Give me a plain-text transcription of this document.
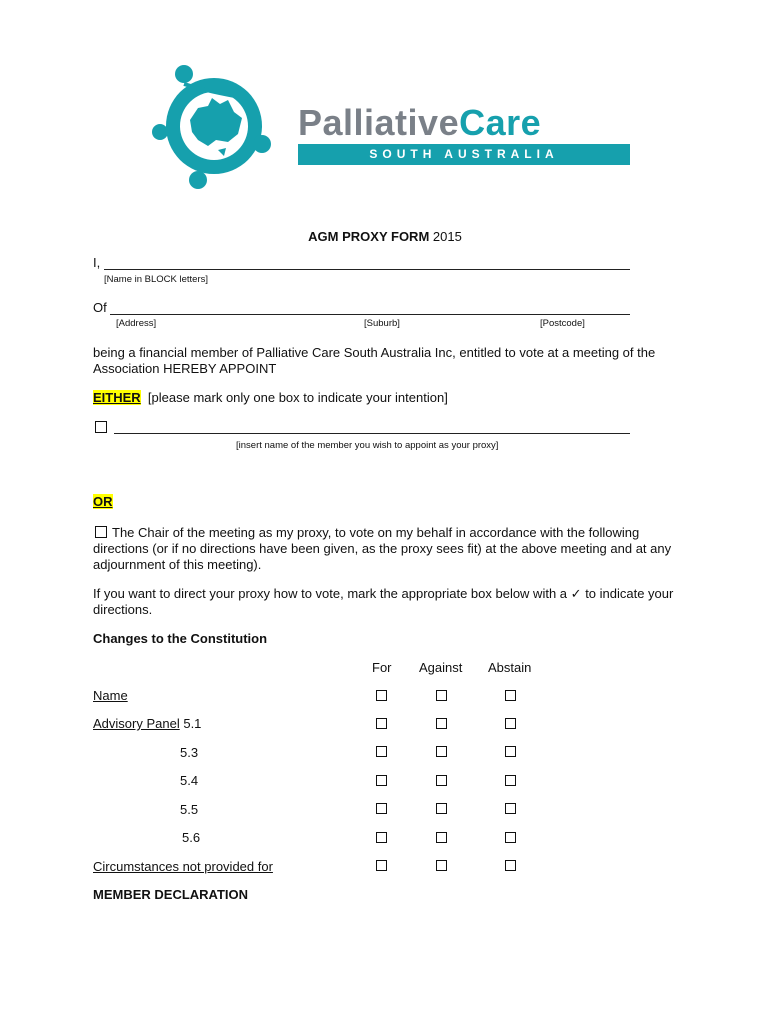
PalliativeCare
SOUTH AUSTRALIA
AGM PROXY FORM 2015
I,
[Name in BLOCK letters]
Of
[Address]	[Suburb]	[Postcode]
being a financial member of Palliative Care South Australia Inc, entitled to vote at a meeting of the Association HEREBY APPOINT
EITHER [please mark only one box to indicate your intention]
[insert name of the member you wish to appoint as your proxy]
OR
The Chair of the meeting as my proxy, to vote on my behalf in accordance with the following directions (or if no directions have been given, as the proxy sees fit) at the above meeting and at any adjournment of this meeting).
If you want to direct your proxy how to vote, mark the appropriate box below with a ✓ to indicate your directions.
Changes to the Constitution
For Against Abstain
Name
Advisory Panel 5.1
5.3
5.4
5.5
5.6
Circumstances not provided for
MEMBER DECLARATION
